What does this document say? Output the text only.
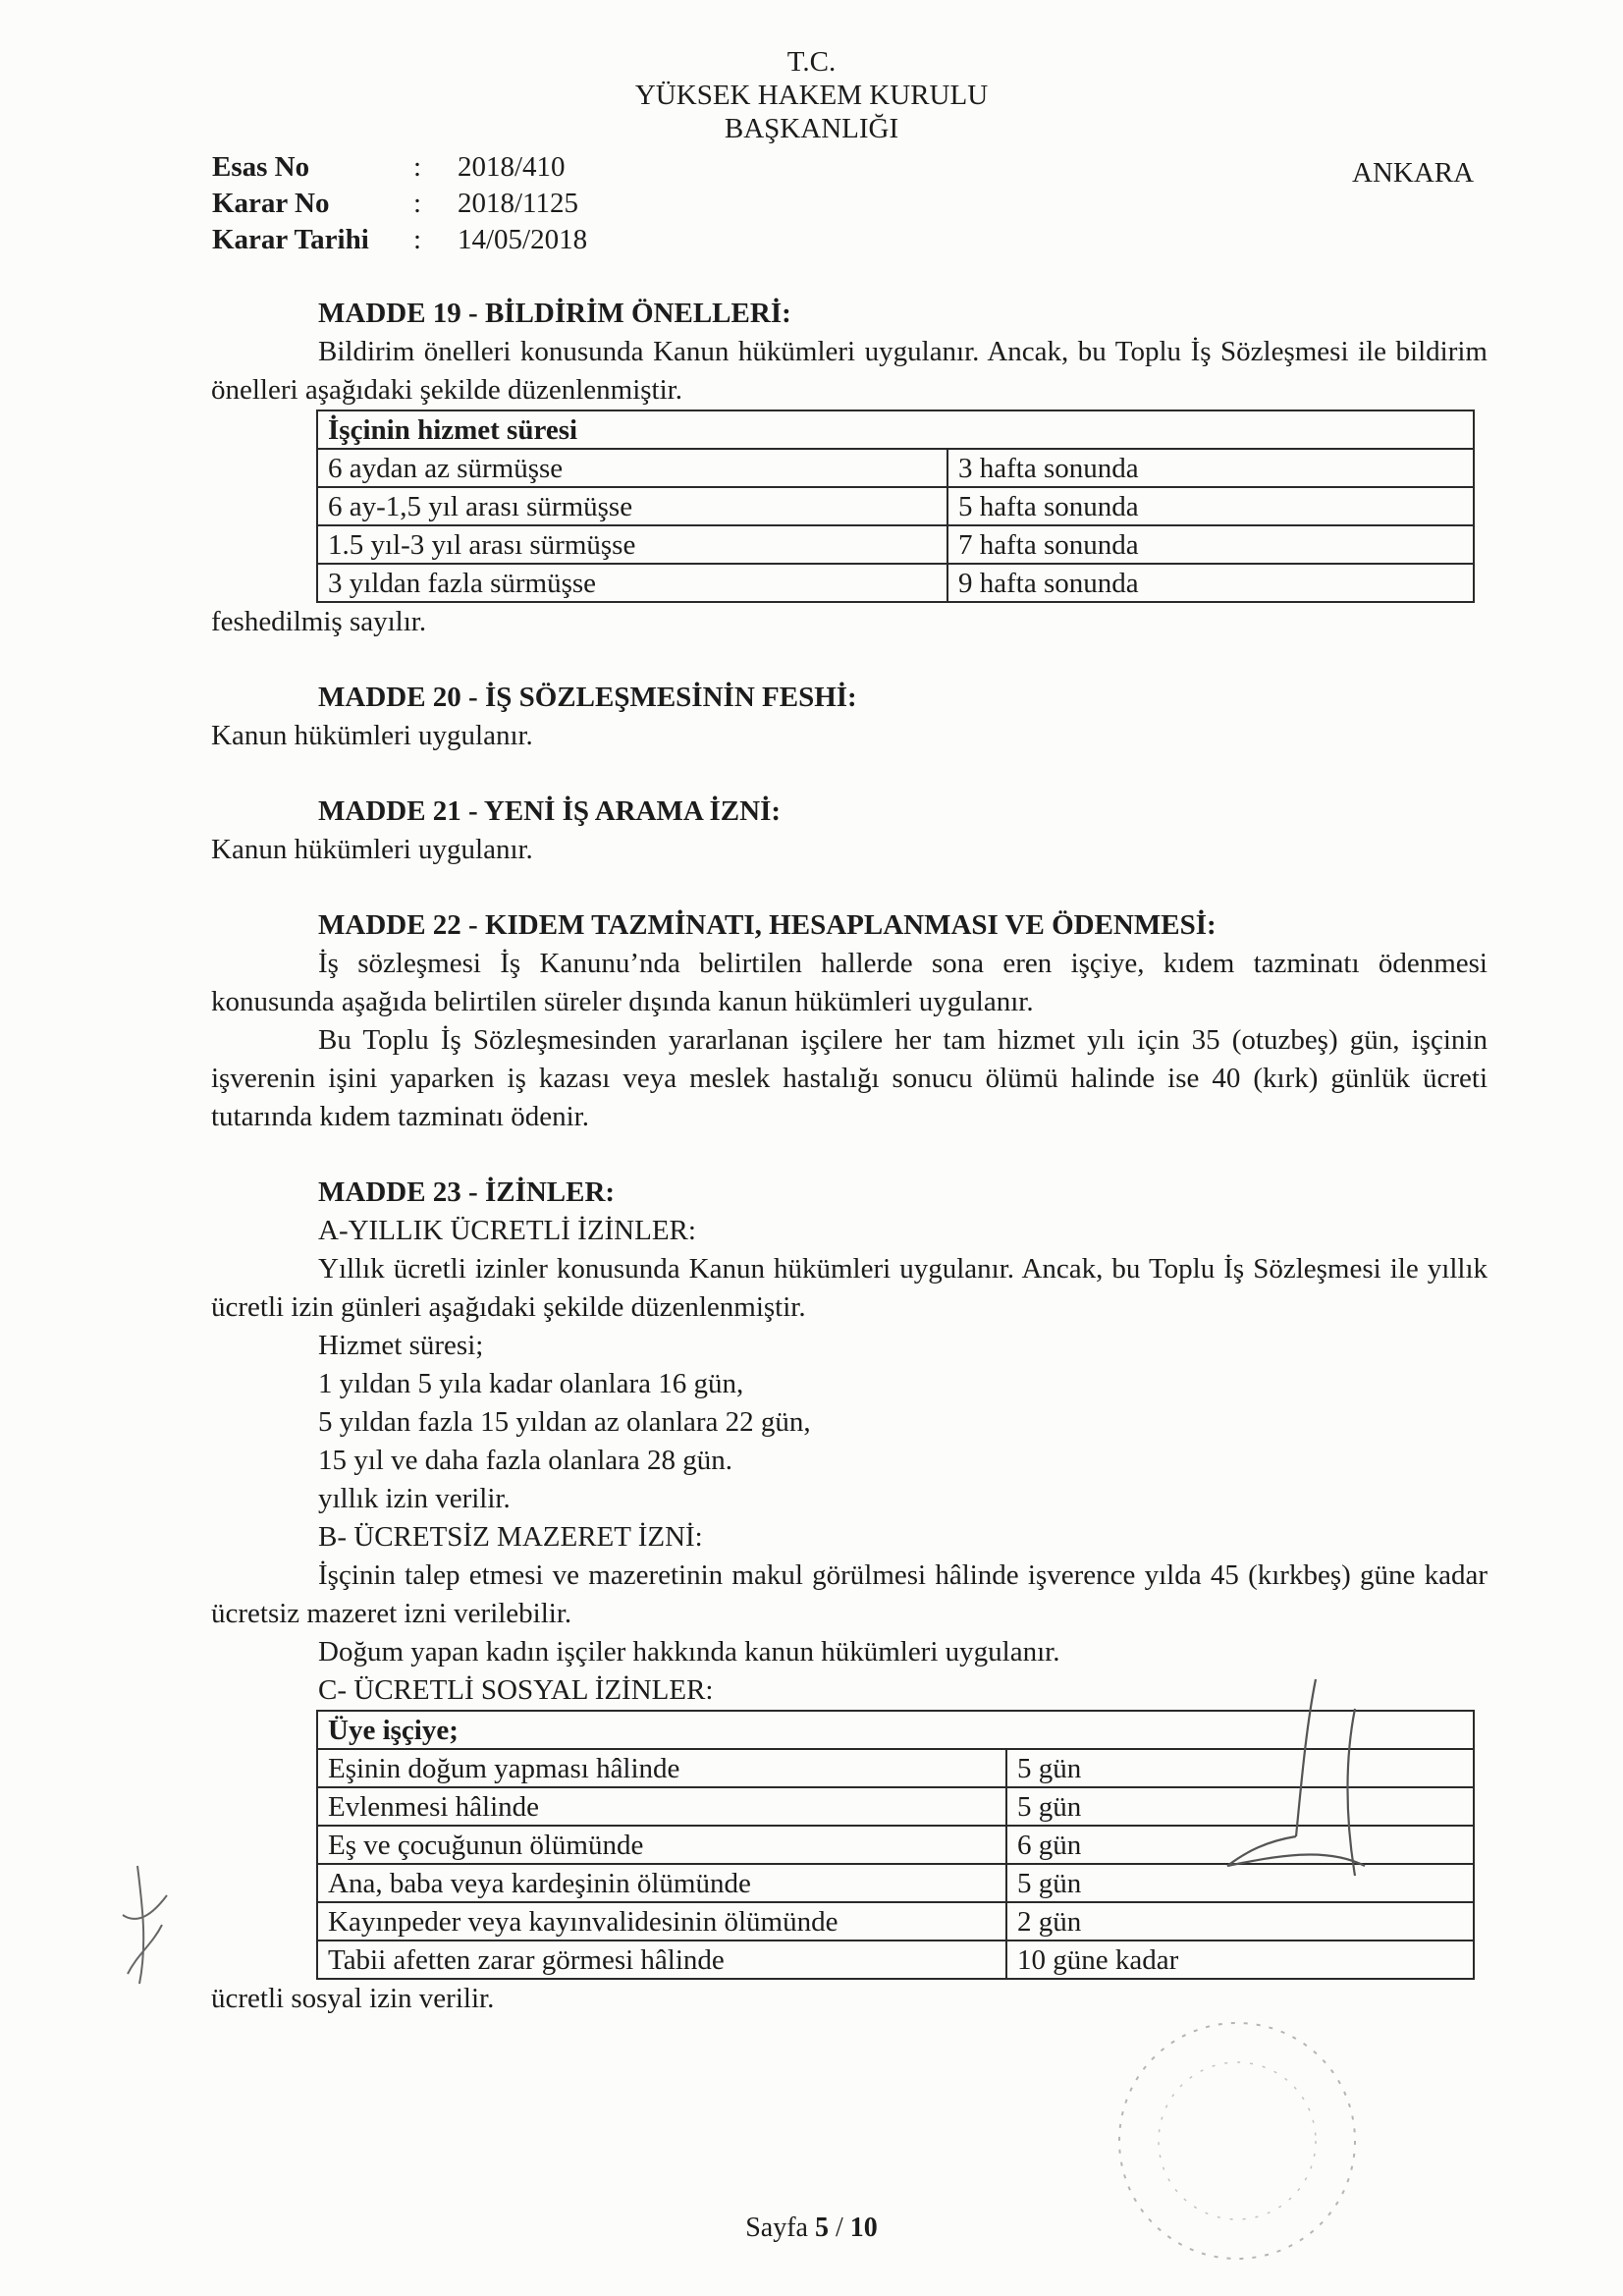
T.C.
YÜKSEK HAKEM KURULU
BAŞKANLIĞI
Esas No	:	2018/410
Karar No	:	2018/1125
Karar Tarihi	:	14/05/2018
ANKARA
MADDE 19 - BİLDİRİM ÖNELLERİ:

Bildirim önelleri konusunda Kanun hükümleri uygulanır. Ancak, bu Toplu İş Sözleşmesi ile bildirim önelleri aşağıdaki şekilde düzenlenmiştir.

İşçinin hizmet süresi	
6 aydan az sürmüşse	3 hafta sonunda
6 ay-1,5 yıl arası sürmüşse	5 hafta sonunda
1.5 yıl-3 yıl arası sürmüşse	7 hafta sonunda
3 yıldan fazla sürmüşse	9 hafta sonunda
feshedilmiş sayılır.
MADDE 20 - İŞ SÖZLEŞMESİNİN FESHİ:
Kanun hükümleri uygulanır.
MADDE 21 - YENİ İŞ ARAMA İZNİ:
Kanun hükümleri uygulanır.
MADDE 22 - KIDEM TAZMİNATI, HESAPLANMASI VE ÖDENMESİ:

İş sözleşmesi İş Kanunu’nda belirtilen hallerde sona eren işçiye, kıdem tazminatı ödenmesi konusunda aşağıda belirtilen süreler dışında kanun hükümleri uygulanır.

Bu Toplu İş Sözleşmesinden yararlanan işçilere her tam hizmet yılı için 35 (otuzbeş) gün, işçinin işverenin işini yaparken iş kazası veya meslek hastalığı sonucu ölümü halinde ise 40 (kırk) günlük ücreti tutarında kıdem tazminatı ödenir.

MADDE 23 - İZİNLER:
A-YILLIK ÜCRETLİ İZİNLER:

Yıllık ücretli izinler konusunda Kanun hükümleri uygulanır. Ancak, bu Toplu İş Sözleşmesi ile yıllık ücretli izin günleri aşağıdaki şekilde düzenlenmiştir.

Hizmet süresi;
1 yıldan 5 yıla kadar olanlara 16 gün,
5 yıldan fazla 15 yıldan az olanlara 22 gün,
15 yıl ve daha fazla olanlara 28 gün.
yıllık izin verilir.
B- ÜCRETSİZ MAZERET İZNİ:

İşçinin talep etmesi ve mazeretinin makul görülmesi hâlinde işverence yılda 45 (kırkbeş) güne kadar ücretsiz mazeret izni verilebilir.

Doğum yapan kadın işçiler hakkında kanun hükümleri uygulanır.
C- ÜCRETLİ SOSYAL İZİNLER:
Üye işçiye;	
Eşinin doğum yapması hâlinde	5 gün
Evlenmesi hâlinde	5 gün
Eş ve çocuğunun ölümünde	6 gün
Ana, baba veya kardeşinin ölümünde	5 gün
Kayınpeder veya kayınvalidesinin ölümünde	2 gün
Tabii afetten zarar görmesi hâlinde	10 güne kadar
ücretli sosyal izin verilir.
Sayfa 5 / 10
